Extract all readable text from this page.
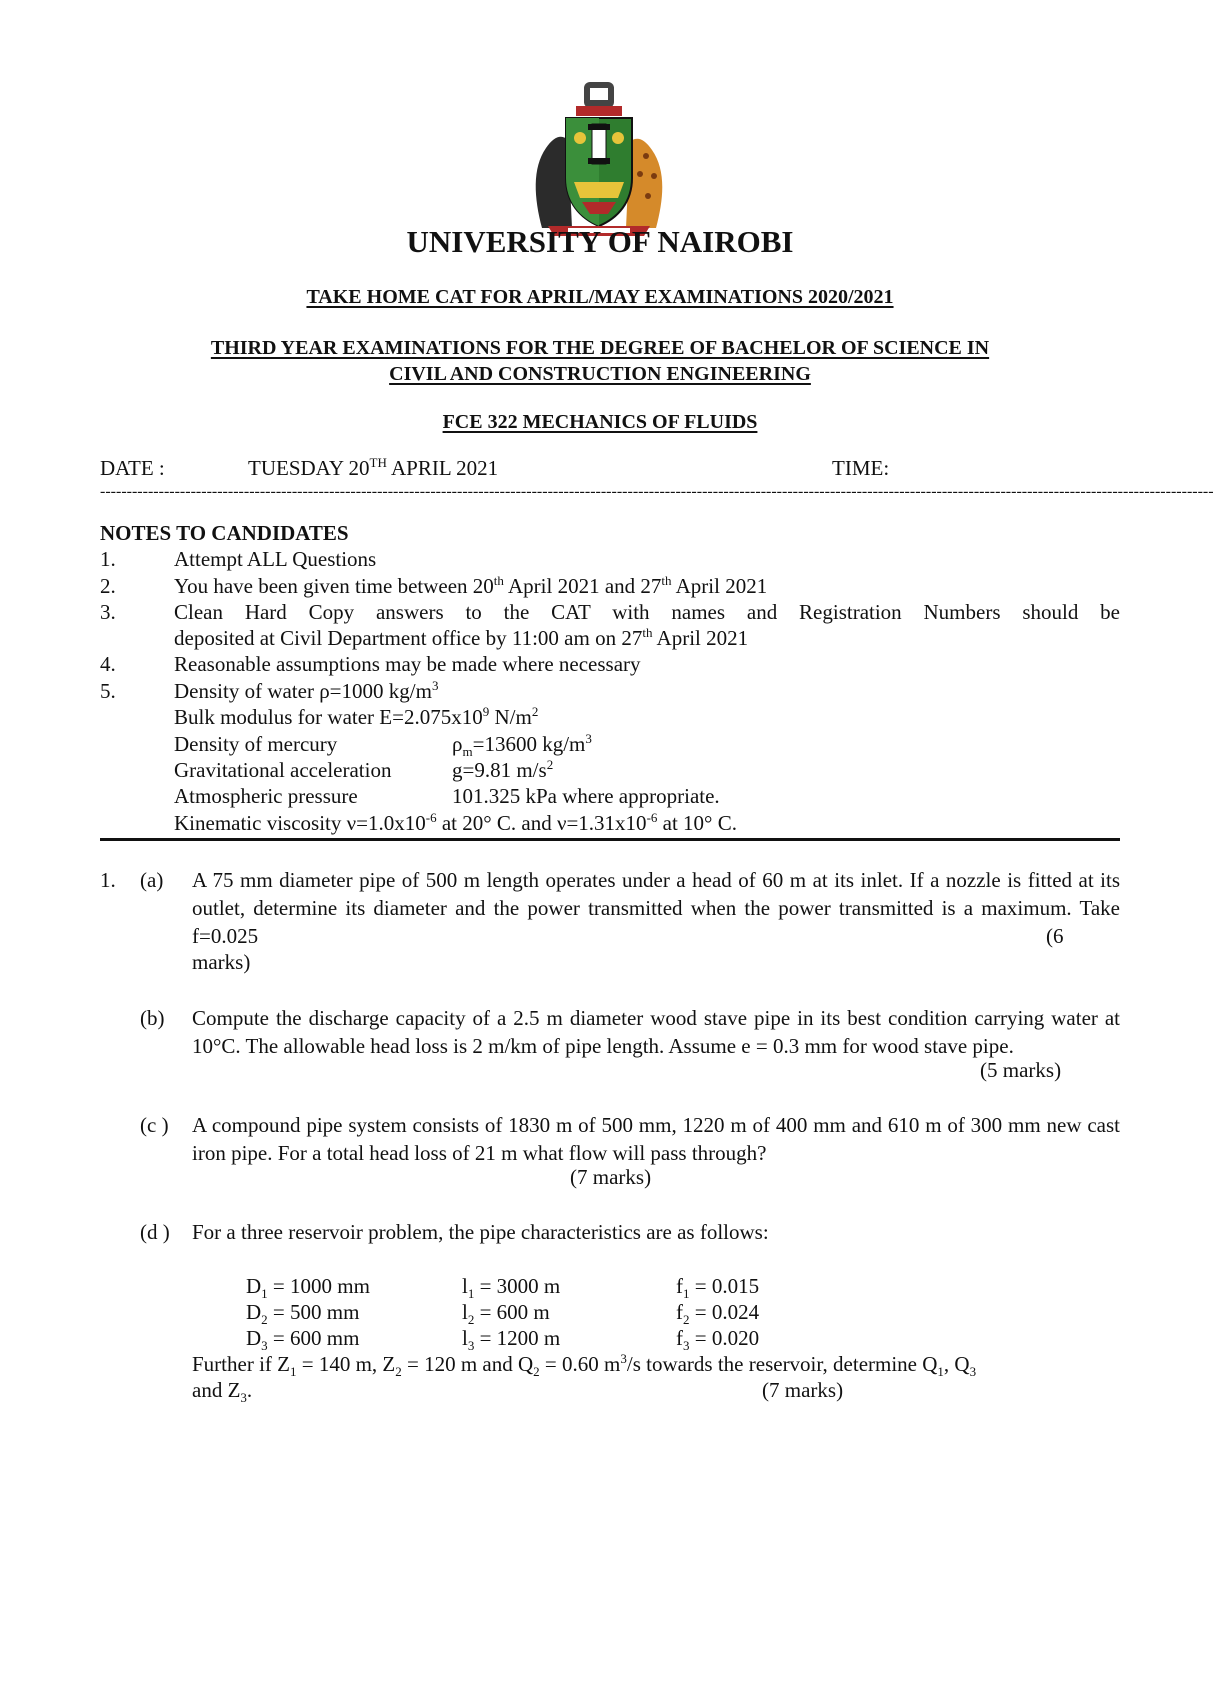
UNIVERSITY OF NAIROBI
TAKE HOME CAT FOR APRIL/MAY EXAMINATIONS 2020/2021
THIRD YEAR EXAMINATIONS FOR THE DEGREE OF BACHELOR OF SCIENCE IN
CIVIL AND CONSTRUCTION ENGINEERING
FCE 322 MECHANICS OF FLUIDS
DATE :	TUESDAY 20TH APRIL 2021	TIME:
-----------------------------------------------------------------------------------------------------------------------------------------------------------------------------------------------------------------
NOTES TO CANDIDATES
1.	Attempt ALL Questions
2.	You have been given time between 20th April 2021 and 27th April 2021
3.	Clean Hard Copy answers to the CAT with names and Registration Numbers should be
deposited at Civil Department office by 11:00 am on 27th April 2021
4.	Reasonable assumptions may be made where necessary
5.	Density of water ρ=1000 $kg/m^3$
Bulk modulus for water $E=2.075x10^9$ $N/m^2$
Density of mercury	$\rho_m=13600$ $kg/m^3$
Gravitational acceleration	g=9.81 $m/s^2$
Atmospheric pressure	101.325 kPa where appropriate.
Kinematic viscosity $\nu=1.0x10^{-6}$ at 20° C. and $\nu=1.31x10^{-6}$ at 10° C.
1. (a) A 75 mm diameter pipe of 500 m length operates under a head of 60 m at its inlet. If a nozzle is fitted at its outlet, determine its diameter and the power transmitted when the power transmitted is a maximum. Take f=0.025	(6
marks)
(b) Compute the discharge capacity of a 2.5 m diameter wood stave pipe in its best condition carrying water at 10°C. The allowable head loss is 2 m/km of pipe length. Assume e = 0.3 mm for wood stave pipe.
(5 marks)
(c ) A compound pipe system consists of 1830 m of 500 mm, 1220 m of 400 mm and 610 m of 300 mm new cast iron pipe. For a total head loss of 21 m what flow will pass through?
(7 marks)
(d ) For a three reservoir problem, the pipe characteristics are as follows:
$D_1 = 1000$ mm	$l_1 = 3000$ m	$f_1 = 0.015$
$D_2 = 500$ mm	$l_2 = 600$ m	$f_2 = 0.024$
$D_3 = 600$ mm	$l_3 = 1200$ m	$f_3 = 0.020$
Further if $Z_1 = 140$ m, $Z_2 = 120$ m and $Q_2 = 0.60$ $m^3/s$ towards the reservoir, determine $Q_1$, $Q_3$
and $Z_3$.	(7 marks)
